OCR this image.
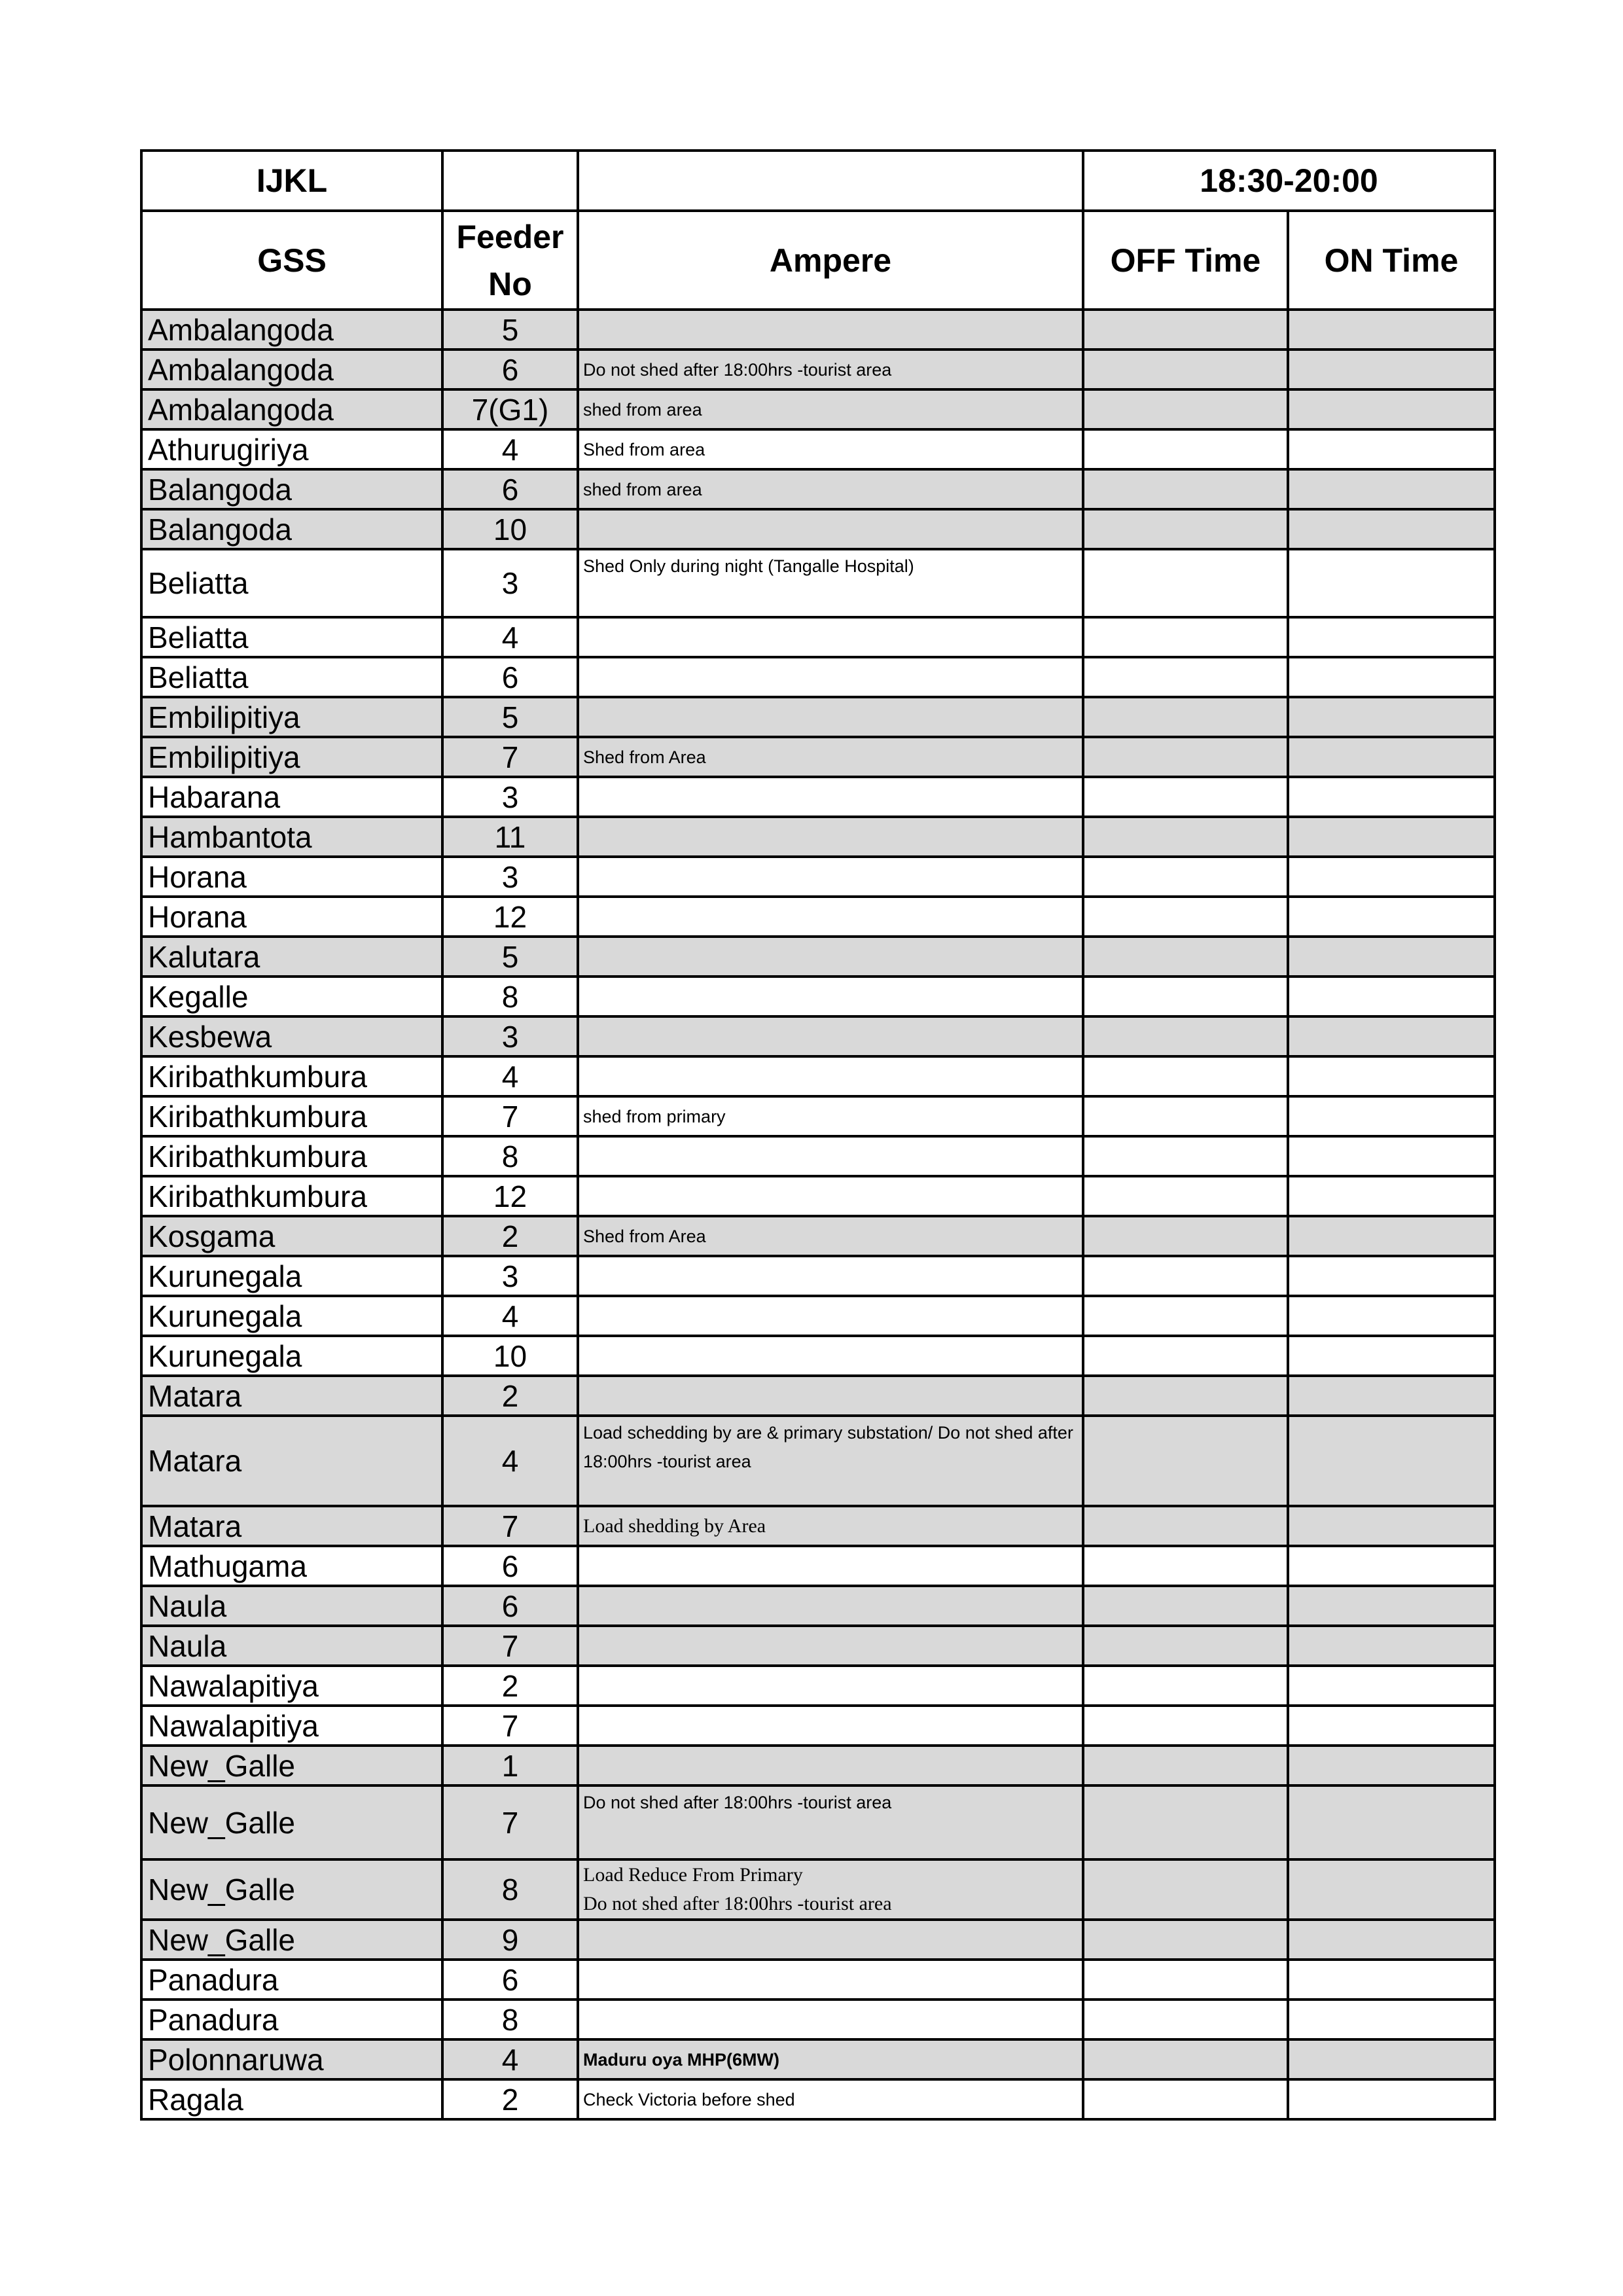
IJKL			18:30-20:00	
GSS	Feeder No	Ampere	OFF Time	ON Time
Ambalangoda	5			
Ambalangoda	6	Do not shed after 18:00hrs -tourist area		
Ambalangoda	7(G1)	shed from area		
Athurugiriya	4	Shed from area		
Balangoda	6	shed from area		
Balangoda	10			
Beliatta	3	Shed Only during night (Tangalle Hospital)		
Beliatta	4			
Beliatta	6			
Embilipitiya	5			
Embilipitiya	7	Shed from Area		
Habarana	3			
Hambantota	11			
Horana	3			
Horana	12			
Kalutara	5			
Kegalle	8			
Kesbewa	3			
Kiribathkumbura	4			
Kiribathkumbura	7	shed from primary		
Kiribathkumbura	8			
Kiribathkumbura	12			
Kosgama	2	Shed from Area		
Kurunegala	3			
Kurunegala	4			
Kurunegala	10			
Matara	2			
Matara	4	Load schedding by are & primary substation/ Do not shed after 18:00hrs -tourist area		
Matara	7	Load shedding by Area		
Mathugama	6			
Naula	6			
Naula	7			
Nawalapitiya	2			
Nawalapitiya	7			
New_Galle	1			
New_Galle	7	Do not shed after 18:00hrs -tourist area		
New_Galle	8	Load Reduce From Primary
Do not shed after 18:00hrs -tourist area		
New_Galle	9			
Panadura	6			
Panadura	8			
Polonnaruwa	4	Maduru oya MHP(6MW)		
Ragala	2	Check Victoria before shed		
